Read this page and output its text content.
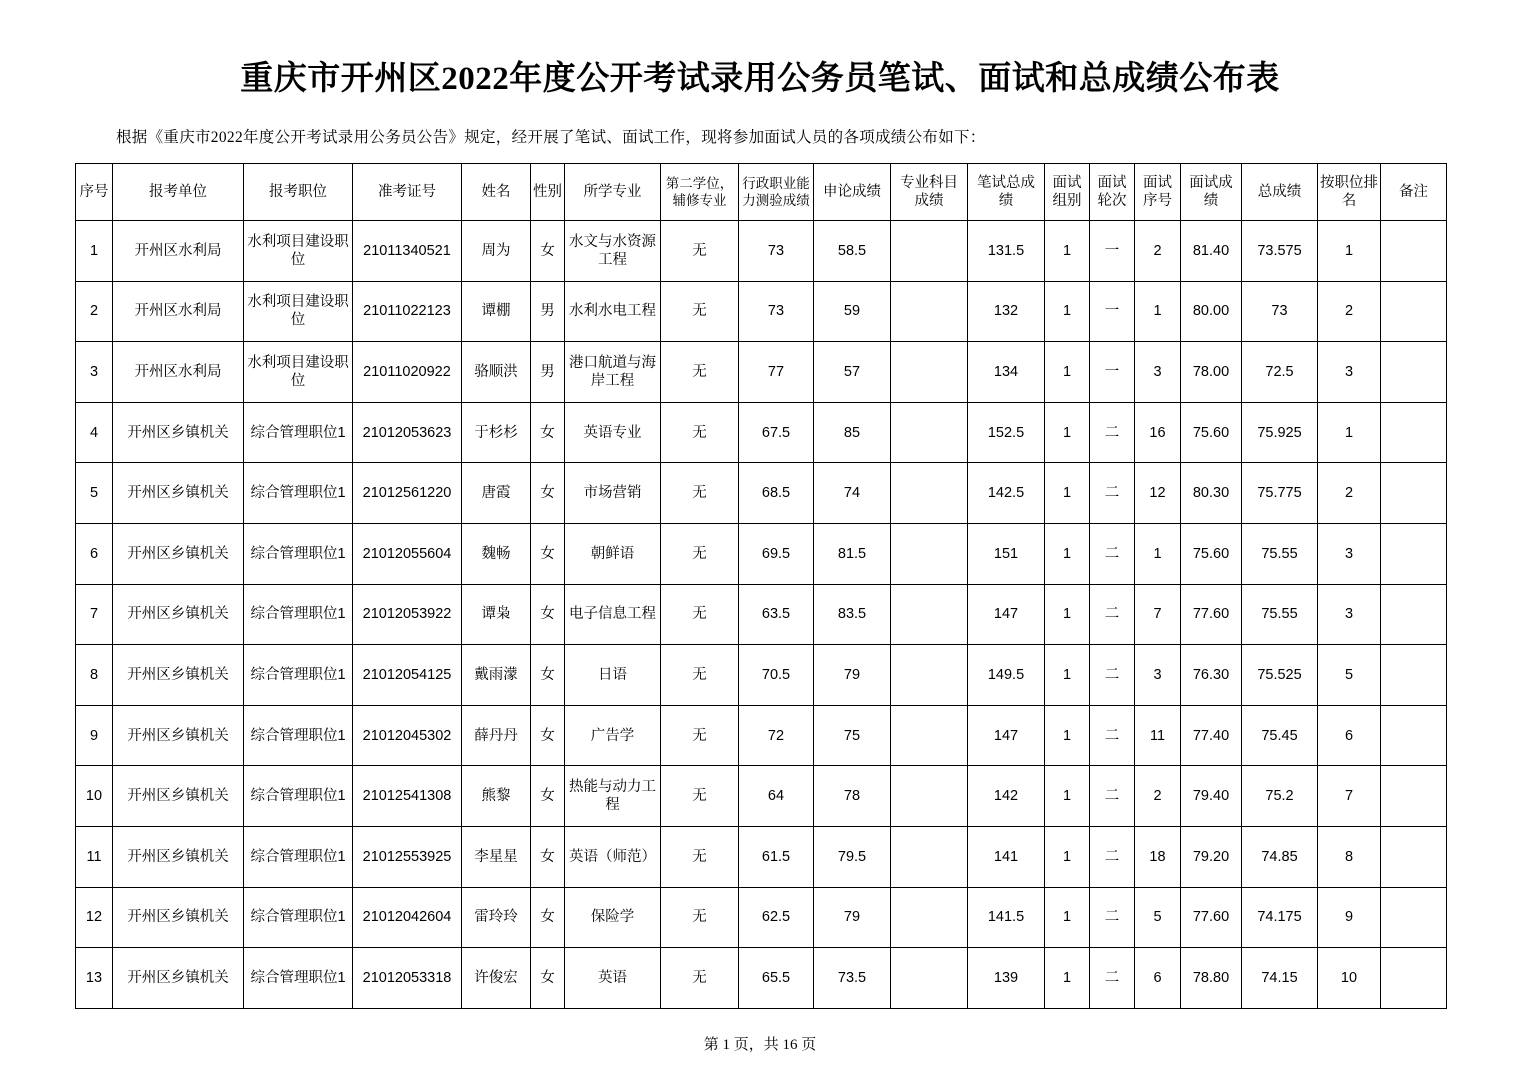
重庆市开州区2022年度公开考试录用公务员笔试、面试和总成绩公布表
根据《重庆市2022年度公开考试录用公务员公告》规定，经开展了笔试、面试工作，现将参加面试人员的各项成绩公布如下：
序号	报考单位	报考职位	准考证号	姓名	性别	所学专业	第二学位，辅修专业	行政职业能力测验成绩	申论成绩	专业科目成绩	笔试总成绩	面试组别	面试轮次	面试序号	面试成绩	总成绩	按职位排名	备注
1	开州区水利局	水利项目建设职位	21011340521	周为	女	水文与水资源工程	无	73	58.5		131.5	1	一	2	81.40	73.575	1	
2	开州区水利局	水利项目建设职位	21011022123	谭棚	男	水利水电工程	无	73	59		132	1	一	1	80.00	73	2	
3	开州区水利局	水利项目建设职位	21011020922	骆顺洪	男	港口航道与海岸工程	无	77	57		134	1	一	3	78.00	72.5	3	
4	开州区乡镇机关	综合管理职位1	21012053623	于杉杉	女	英语专业	无	67.5	85		152.5	1	二	16	75.60	75.925	1	
5	开州区乡镇机关	综合管理职位1	21012561220	唐霞	女	市场营销	无	68.5	74		142.5	1	二	12	80.30	75.775	2	
6	开州区乡镇机关	综合管理职位1	21012055604	魏畅	女	朝鲜语	无	69.5	81.5		151	1	二	1	75.60	75.55	3	
7	开州区乡镇机关	综合管理职位1	21012053922	谭枭	女	电子信息工程	无	63.5	83.5		147	1	二	7	77.60	75.55	3	
8	开州区乡镇机关	综合管理职位1	21012054125	戴雨濛	女	日语	无	70.5	79		149.5	1	二	3	76.30	75.525	5	
9	开州区乡镇机关	综合管理职位1	21012045302	薛丹丹	女	广告学	无	72	75		147	1	二	11	77.40	75.45	6	
10	开州区乡镇机关	综合管理职位1	21012541308	熊黎	女	热能与动力工程	无	64	78		142	1	二	2	79.40	75.2	7	
11	开州区乡镇机关	综合管理职位1	21012553925	李星星	女	英语（师范）	无	61.5	79.5		141	1	二	18	79.20	74.85	8	
12	开州区乡镇机关	综合管理职位1	21012042604	雷玲玲	女	保险学	无	62.5	79		141.5	1	二	5	77.60	74.175	9	
13	开州区乡镇机关	综合管理职位1	21012053318	许俊宏	女	英语	无	65.5	73.5		139	1	二	6	78.80	74.15	10	
第 1 页，共 16 页
